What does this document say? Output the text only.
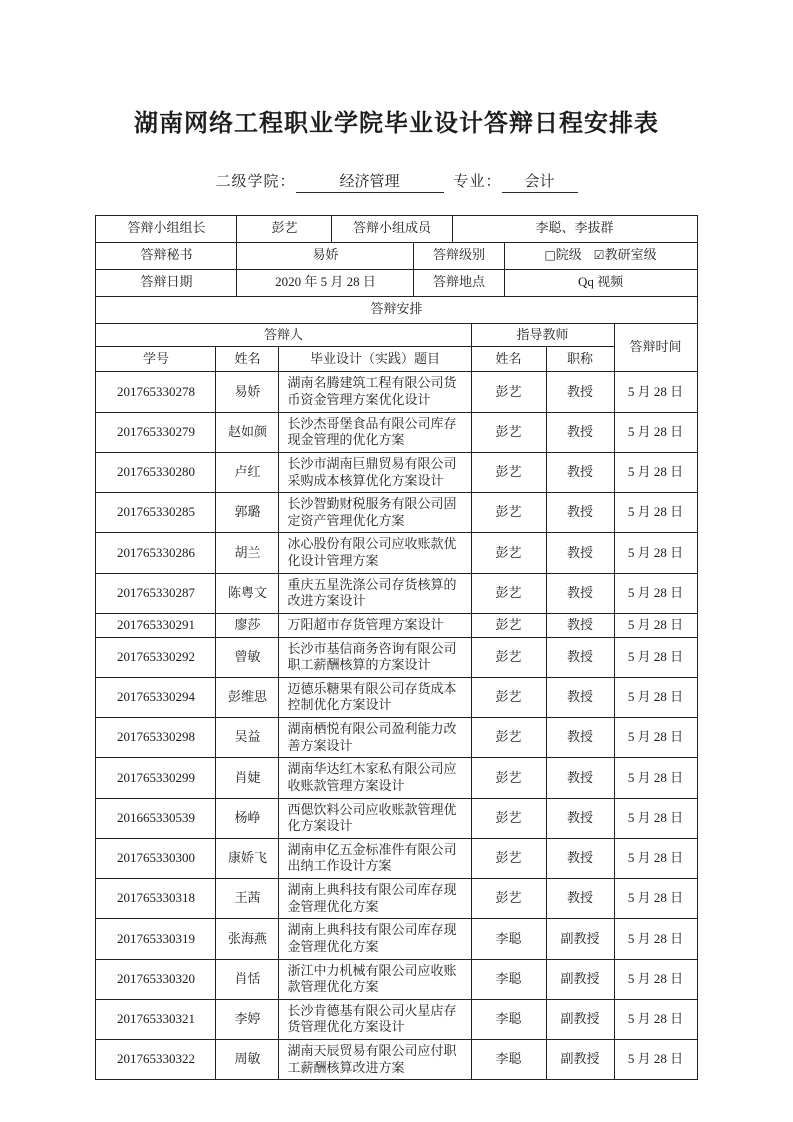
湖南网络工程职业学院毕业设计答辩日程安排表
二级学院：	经济管理	专业： 会计
答辩小组组长	彭艺	答辩小组成员		李聪、李拔群	
答辩秘书	易娇		答辩级别		□院级 ☑教研室级
答辩日期	2020 年 5 月 28 日		答辩地点		Qq 视频
答辩安排					
答辩人			指导教师		答辩时间
学号	姓名	毕业设计（实践）题目	姓名	职称	
201765330278	易娇	湖南名腾建筑工程有限公司货币资金管理方案优化设计	彭艺	教授	5 月 28 日
201765330279	赵如颜	长沙杰哥堡食品有限公司库存现金管理的优化方案	彭艺	教授	5 月 28 日
201765330280	卢红	长沙市湖南巨鼎贸易有限公司采购成本核算优化方案设计	彭艺	教授	5 月 28 日
201765330285	郭璐	长沙智勤财税服务有限公司固定资产管理优化方案	彭艺	教授	5 月 28 日
201765330286	胡兰	冰心股份有限公司应收账款优化设计管理方案	彭艺	教授	5 月 28 日
201765330287	陈粤文	重庆五星洗涤公司存货核算的改进方案设计	彭艺	教授	5 月 28 日
201765330291	廖莎	万阳超市存货管理方案设计	彭艺	教授	5 月 28 日
201765330292	曾敏	长沙市基信商务咨询有限公司职工薪酬核算的方案设计	彭艺	教授	5 月 28 日
201765330294	彭维思	迈德乐糖果有限公司存货成本控制优化方案设计	彭艺	教授	5 月 28 日
201765330298	吴益	湖南栖悦有限公司盈利能力改善方案设计	彭艺	教授	5 月 28 日
201765330299	肖婕	湖南华达红木家私有限公司应收账款管理方案设计	彭艺	教授	5 月 28 日
201665330539	杨峥	西偲饮料公司应收账款管理优化方案设计	彭艺	教授	5 月 28 日
201765330300	康娇飞	湖南申亿五金标准件有限公司出纳工作设计方案	彭艺	教授	5 月 28 日
201765330318	王茜	湖南上典科技有限公司库存现金管理优化方案	彭艺	教授	5 月 28 日
201765330319	张海燕	湖南上典科技有限公司库存现金管理优化方案	李聪	副教授	5 月 28 日
201765330320	肖恬	浙江中力机械有限公司应收账款管理优化方案	李聪	副教授	5 月 28 日
201765330321	李婷	长沙肯德基有限公司火星店存货管理优化方案设计	李聪	副教授	5 月 28 日
201765330322	周敏	湖南天辰贸易有限公司应付职工薪酬核算改进方案	李聪	副教授	5 月 28 日
